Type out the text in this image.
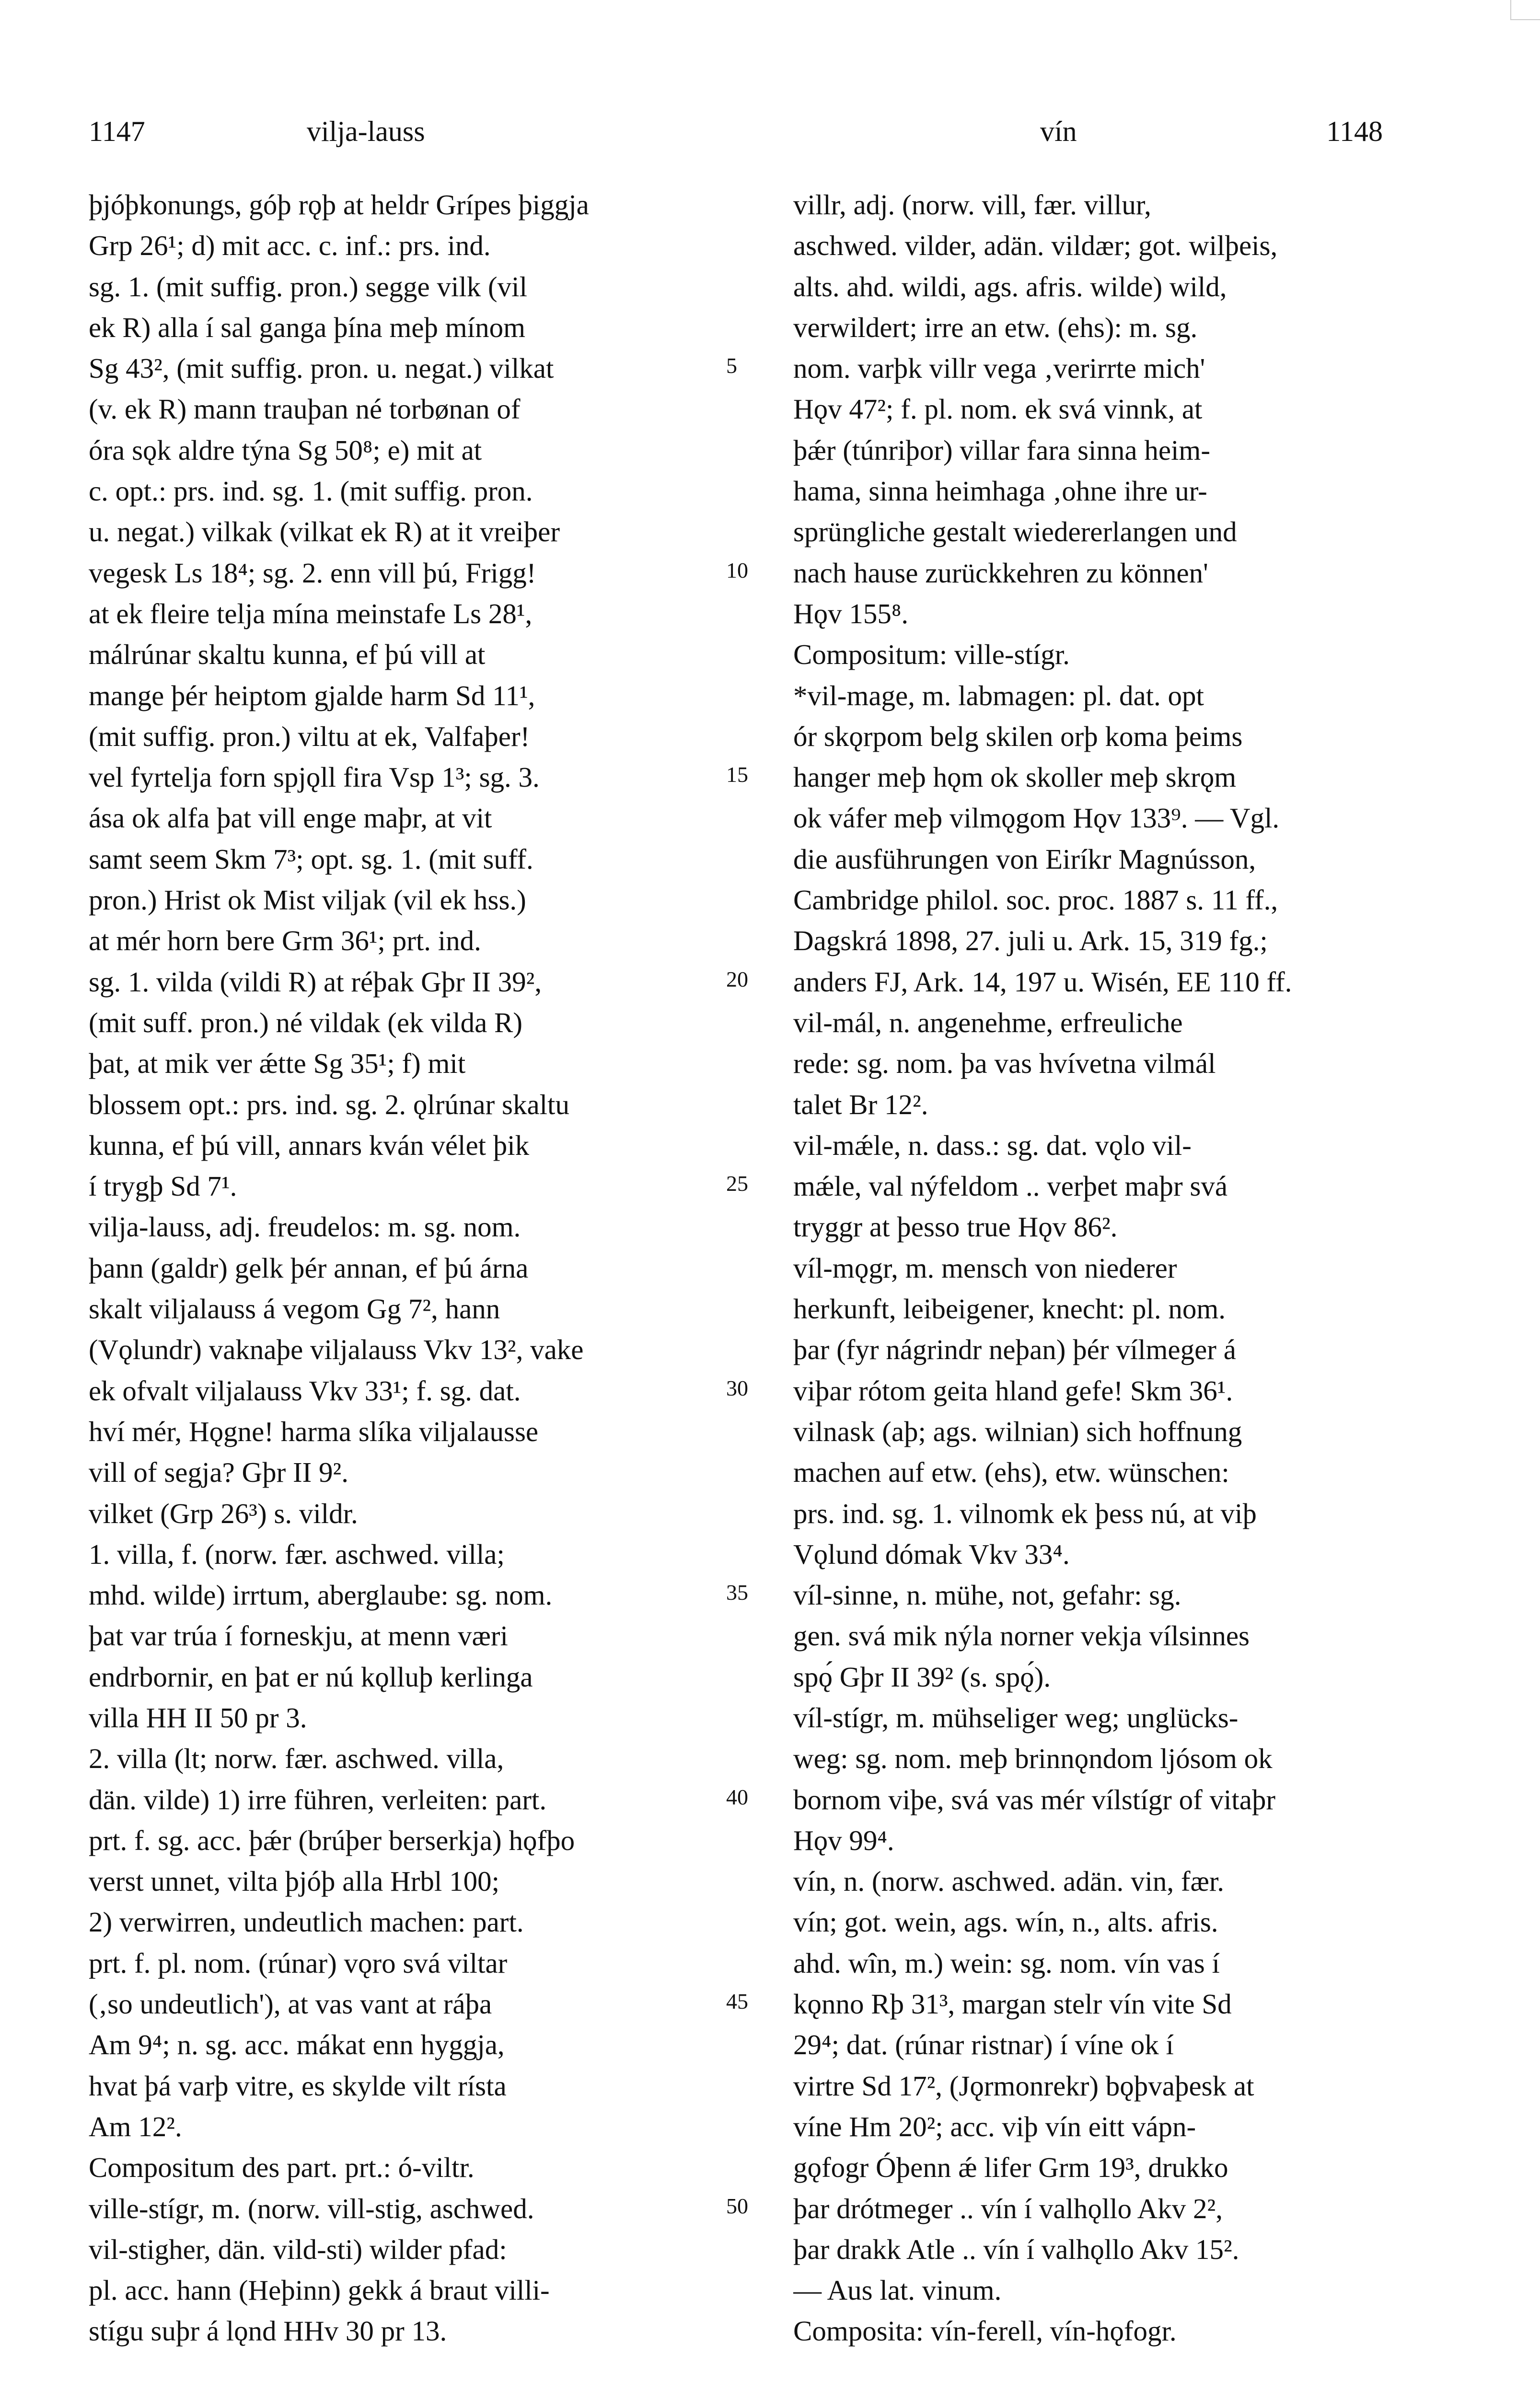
1147	vilja-lauss	vín	1148
þjóþkonungs, góþ rǫþ at heldr Grípes þiggja
Grp 26¹; d) mit acc. c. inf.: prs. ind.
sg. 1. (mit suffig. pron.) segge vilk (vil
ek R) alla í sal ganga þína meþ mínom
Sg 43², (mit suffig. pron. u. negat.) vilkat
(v. ek R) mann trauþan né torbønan of
óra sǫk aldre týna Sg 50⁸; e) mit at
c. opt.: prs. ind. sg. 1. (mit suffig. pron.
u. negat.) vilkak (vilkat ek R) at it vreiþer
vegesk Ls 18⁴; sg. 2. enn vill þú, Frigg!
at ek fleire telja mína meinstafe Ls 28¹,
málrúnar skaltu kunna, ef þú vill at
mange þér heiptom gjalde harm Sd 11¹,
(mit suffig. pron.) viltu at ek, Valfaþer!
vel fyrtelja forn spjǫll fira Vsp 1³; sg. 3.
ása ok alfa þat vill enge maþr, at vit
samt seem Skm 7³; opt. sg. 1. (mit suff.
pron.) Hrist ok Mist viljak (vil ek hss.)
at mér horn bere Grm 36¹; prt. ind.
sg. 1. vilda (vildi R) at réþak Gþr II 39²,
(mit suff. pron.) né vildak (ek vilda R)
þat, at mik ver ǽtte Sg 35¹; f) mit
blossem opt.: prs. ind. sg. 2. ǫlrúnar skaltu
kunna, ef þú vill, annars kván vélet þik
í trygþ Sd 7¹.
vilja-lauss, adj. freudelos: m. sg. nom.
þann (galdr) gelk þér annan, ef þú árna
skalt viljalauss á vegom Gg 7², hann
(Vǫlundr) vaknaþe viljalauss Vkv 13², vake
ek ofvalt viljalauss Vkv 33¹; f. sg. dat.
hví mér, Hǫgne! harma slíka viljalausse
vill of segja? Gþr II 9².
vilket (Grp 26³) s. vildr.
1. villa, f. (norw. fær. aschwed. villa;
mhd. wilde) irrtum, aberglaube: sg. nom.
þat var trúa í forneskju, at menn væri
endrbornir, en þat er nú kǫlluþ kerlinga
villa HH II 50 pr 3.
2. villa (lt; norw. fær. aschwed. villa,
dän. vilde) 1) irre führen, verleiten: part.
prt. f. sg. acc. þǽr (brúþer berserkja) hǫfþo
verst unnet, vilta þjóþ alla Hrbl 100;
2) verwirren, undeutlich machen: part.
prt. f. pl. nom. (rúnar) vǫro svá viltar
(‚so undeutlich'), at vas vant at ráþa
Am 9⁴; n. sg. acc. mákat enn hyggja,
hvat þá varþ vitre, es skylde vilt rísta
Am 12².
Compositum des part. prt.: ó-viltr.
ville-stígr, m. (norw. vill-stig, aschwed.
vil-stigher, dän. vild-sti) wilder pfad:
pl. acc. hann (Heþinn) gekk á braut villi-
stígu suþr á lǫnd HHv 30 pr 13.
5
10
15
20
25
30
35
40
45
50
villr, adj. (norw. vill, fær. villur,
aschwed. vilder, adän. vildær; got. wilþeis,
alts. ahd. wildi, ags. afris. wilde) wild,
verwildert; irre an etw. (ehs): m. sg.
nom. varþk villr vega ‚verirrte mich'
Hǫv 47²; f. pl. nom. ek svá vinnk, at
þǽr (túnriþor) villar fara sinna heim-
hama, sinna heimhaga ‚ohne ihre ur-
sprüngliche gestalt wiedererlangen und
nach hause zurückkehren zu können'
Hǫv 155⁸.
Compositum: ville-stígr.
*vil-mage, m. labmagen: pl. dat. opt
ór skǫrpom belg skilen orþ koma þeims
hanger meþ hǫm ok skoller meþ skrǫm
ok váfer meþ vilmǫgom Hǫv 133⁹. — Vgl.
die ausführungen von Eiríkr Magnússon,
Cambridge philol. soc. proc. 1887 s. 11 ff.,
Dagskrá 1898, 27. juli u. Ark. 15, 319 fg.;
anders FJ, Ark. 14, 197 u. Wisén, EE 110 ff.
vil-mál, n. angenehme, erfreuliche
rede: sg. nom. þa vas hvívetna vilmál
talet Br 12².
vil-mǽle, n. dass.: sg. dat. vǫlo vil-
mǽle, val nýfeldom .. verþet maþr svá
tryggr at þesso true Hǫv 86².
víl-mǫgr, m. mensch von niederer
herkunft, leibeigener, knecht: pl. nom.
þar (fyr nágrindr neþan) þér vílmeger á
viþar rótom geita hland gefe! Skm 36¹.
vilnask (aþ; ags. wilnian) sich hoffnung
machen auf etw. (ehs), etw. wünschen:
prs. ind. sg. 1. vilnomk ek þess nú, at viþ
Vǫlund dómak Vkv 33⁴.
víl-sinne, n. mühe, not, gefahr: sg.
gen. svá mik nýla norner vekja vílsinnes
spǫ́ Gþr II 39² (s. spǫ́).
víl-stígr, m. mühseliger weg; unglücks-
weg: sg. nom. meþ brinnǫndom ljósom ok
bornom viþe, svá vas mér vílstígr of vitaþr
Hǫv 99⁴.
vín, n. (norw. aschwed. adän. vin, fær.
vín; got. wein, ags. wín, n., alts. afris.
ahd. wîn, m.) wein: sg. nom. vín vas í
kǫnno Rþ 31³, margan stelr vín vite Sd
29⁴; dat. (rúnar ristnar) í víne ok í
virtre Sd 17², (Jǫrmonrekr) bǫþvaþesk at
víne Hm 20²; acc. viþ vín eitt vápn-
gǫfogr Óþenn ǽ lifer Grm 19³, drukko
þar drótmeger .. vín í valhǫllo Akv 2²,
þar drakk Atle .. vín í valhǫllo Akv 15².
— Aus lat. vinum.
Composita: vín-ferell, vín-hǫfogr.
